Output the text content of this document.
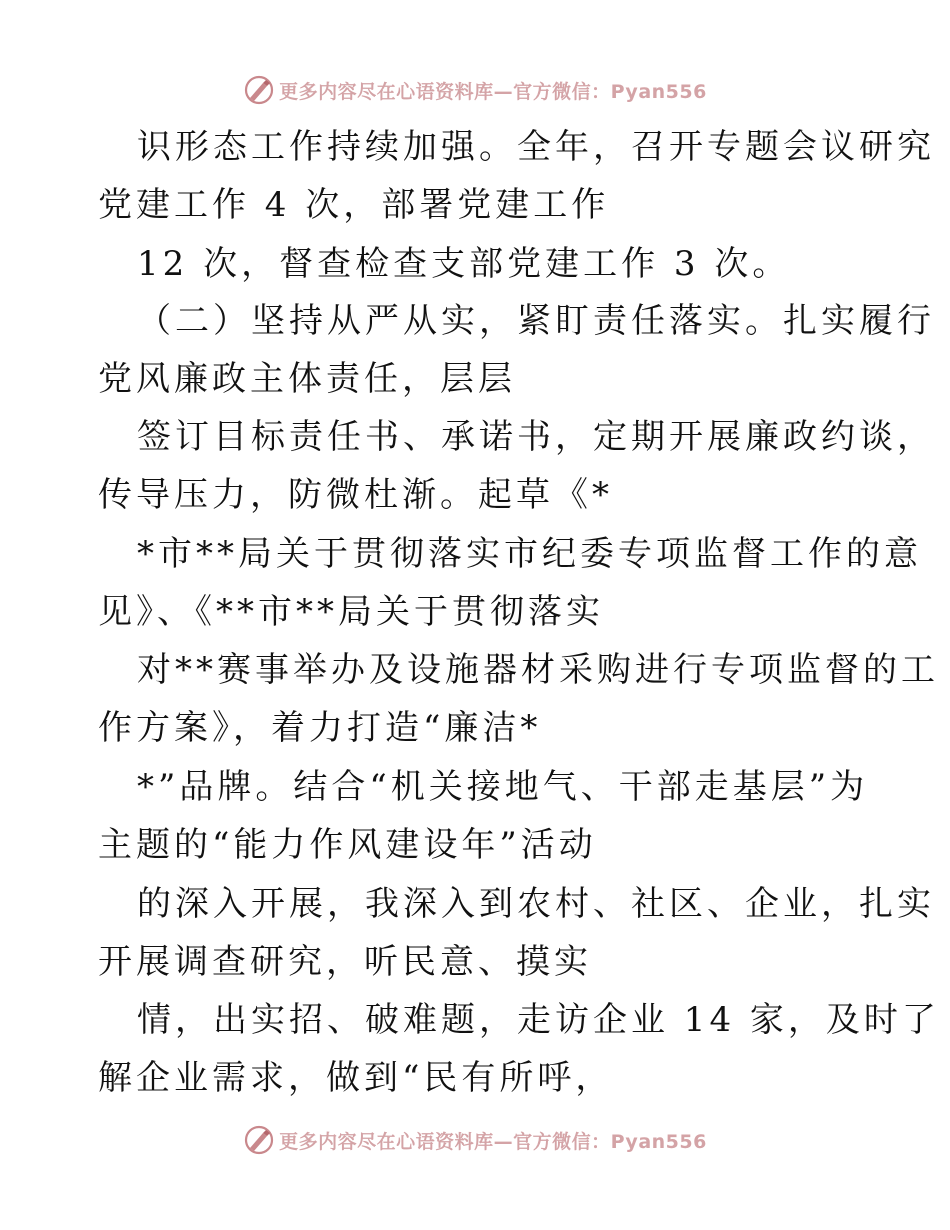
更多内容尽在心语资料库—官方微信：Pyan556
识形态工作持续加强。全年，召开专题会议研究
党建工作 4 次，部署党建工作
12 次，督查检查支部党建工作 3 次。
（二）坚持从严从实，紧盯责任落实。扎实履行
党风廉政主体责任，层层
签订目标责任书、承诺书，定期开展廉政约谈，
传导压力，防微杜渐。起草《*
*市**局关于贯彻落实市纪委专项监督工作的意
见》、《**市**局关于贯彻落实
对**赛事举办及设施器材采购进行专项监督的工
作方案》，着力打造“廉洁*
*”品牌。结合“机关接地气、干部走基层”为
主题的“能力作风建设年”活动
的深入开展，我深入到农村、社区、企业，扎实
开展调查研究，听民意、摸实
情，出实招、破难题，走访企业 14 家，及时了
解企业需求，做到“民有所呼，
更多内容尽在心语资料库—官方微信：Pyan556
